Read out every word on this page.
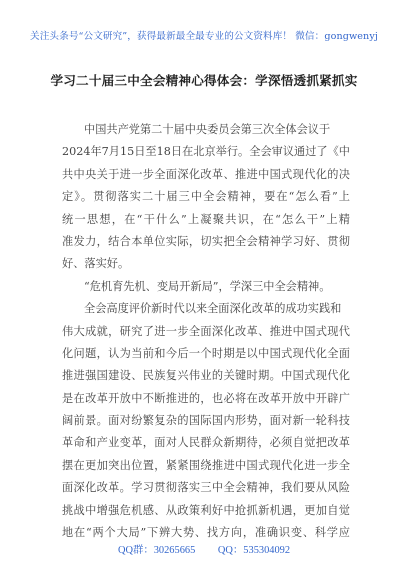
关注头条号“公文研究”，获得最新最全最专业的公文资料库！ 微信：gongwenyj
学习二十届三中全会精神心得体会：学深悟透抓紧抓实
中国共产党第二十届中央委员会第三次全体会议于
2024年7月15日至18日在北京举行。全会审议通过了《中
共中央关于进一步全面深化改革、推进中国式现代化的决
定》。贯彻落实二十届三中全会精神，要在“怎么看”上
统一思想，在“干什么”上凝聚共识，在“怎么干”上精
准发力，结合本单位实际，切实把全会精神学习好、贯彻
好、落实好。
“危机育先机、变局开新局”，学深三中全会精神。
全会高度评价新时代以来全面深化改革的成功实践和
伟大成就，研究了进一步全面深化改革、推进中国式现代
化问题，认为当前和今后一个时期是以中国式现代化全面
推进强国建设、民族复兴伟业的关键时期。中国式现代化
是在改革开放中不断推进的，也必将在改革开放中开辟广
阔前景。面对纷繁复杂的国际国内形势，面对新一轮科技
革命和产业变革，面对人民群众新期待，必须自觉把改革
摆在更加突出位置，紧紧围绕推进中国式现代化进一步全
面深化改革。学习贯彻落实三中全会精神，我们要从风险
挑战中增强危机感、从政策利好中抢抓新机遇，更加自觉
地在“两个大局”下辨大势、找方向，准确识变、科学应
QQ群：30265665 QQ：535304092
